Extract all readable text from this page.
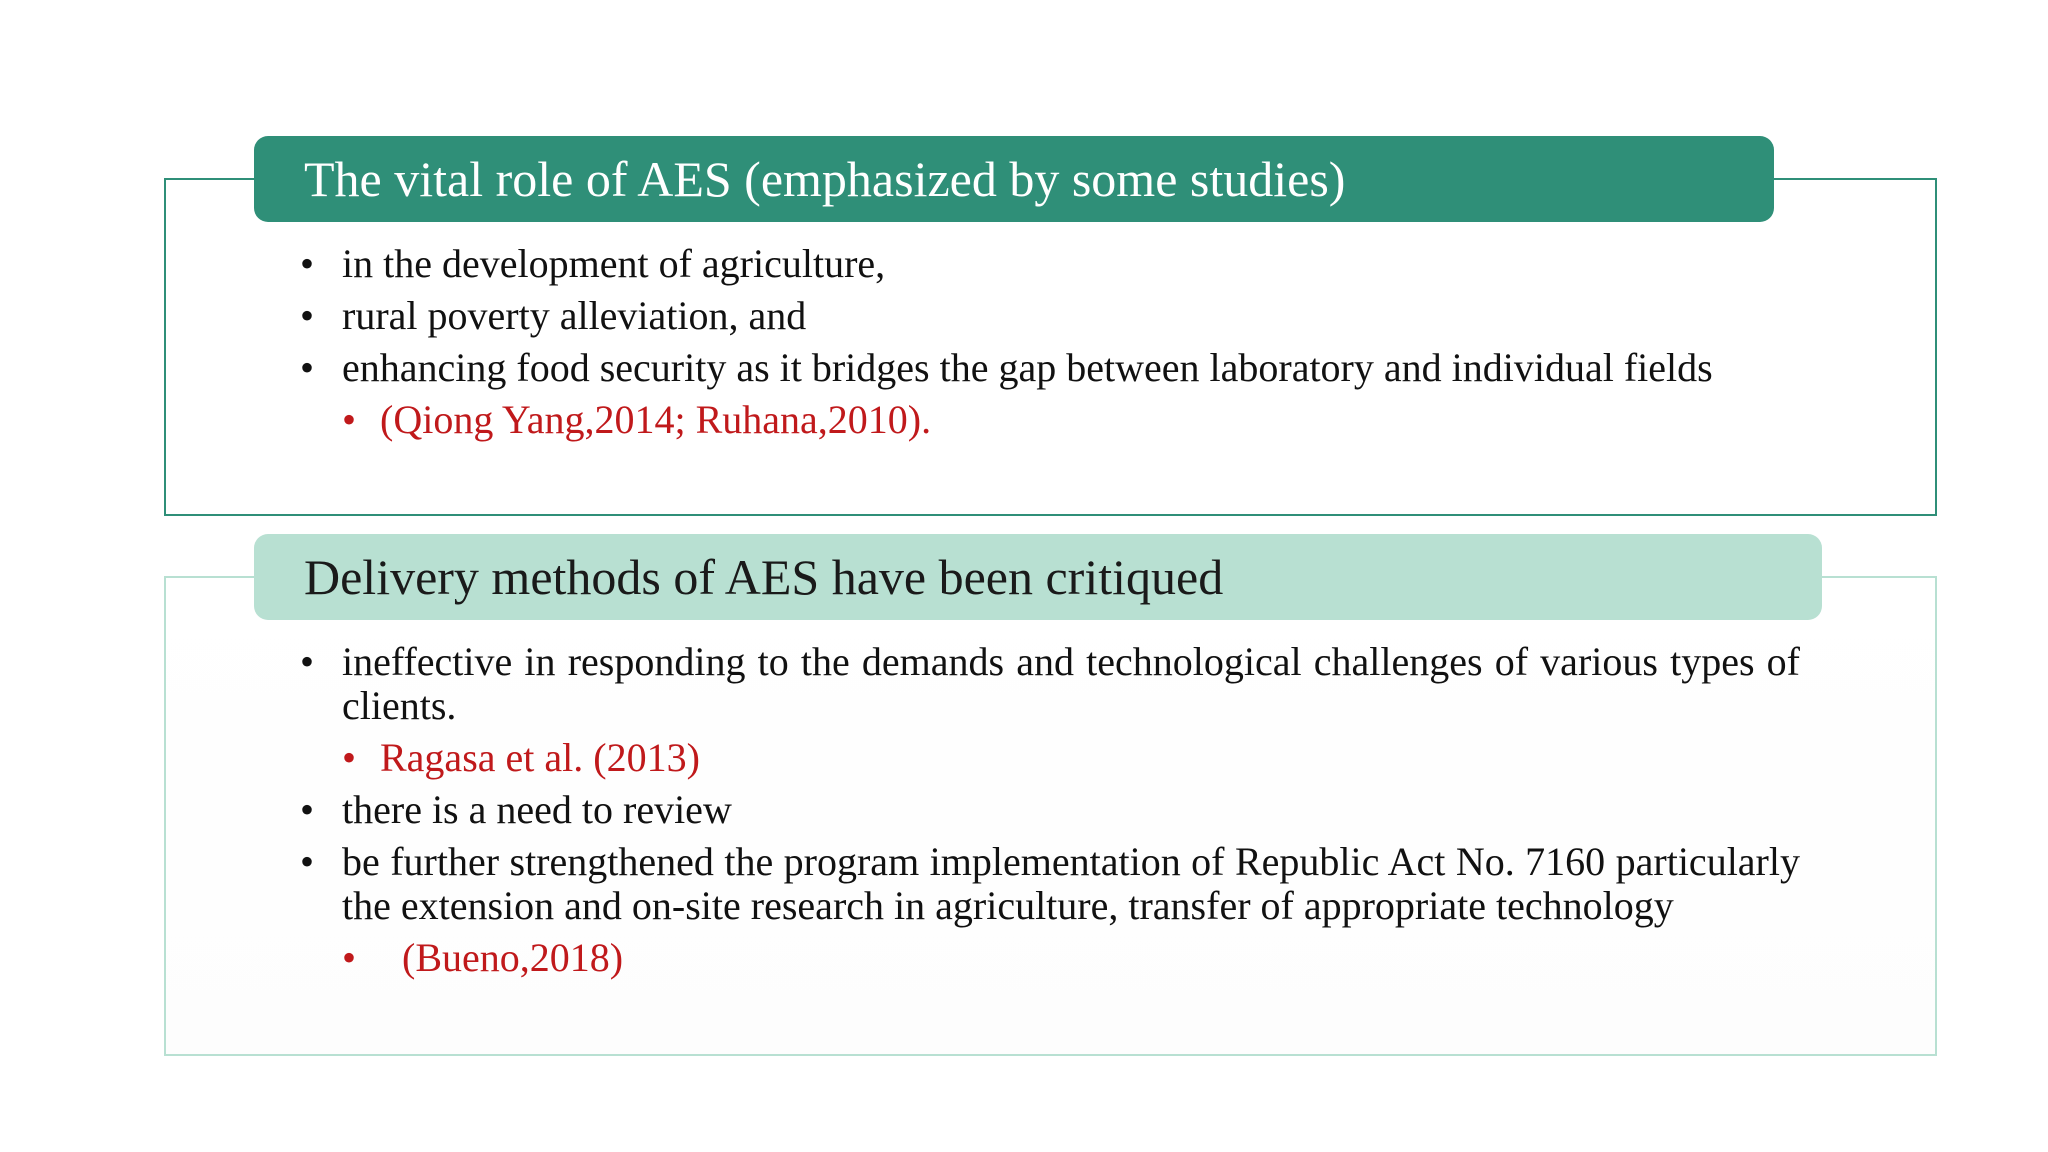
The vital role of AES (emphasized by some studies)
• in the development of agriculture,
• rural poverty alleviation, and
• enhancing food security as it bridges the gap between laboratory and individual fields
• (Qiong Yang,2014; Ruhana,2010).
Delivery methods of AES have been critiqued
• ineffective in responding to the demands and technological challenges of various types of clients.
• Ragasa et al. (2013)
• there is a need to review
• be further strengthened the program implementation of Republic Act No. 7160 particularly the extension and on-site research in agriculture, transfer of appropriate technology
• (Bueno,2018)
